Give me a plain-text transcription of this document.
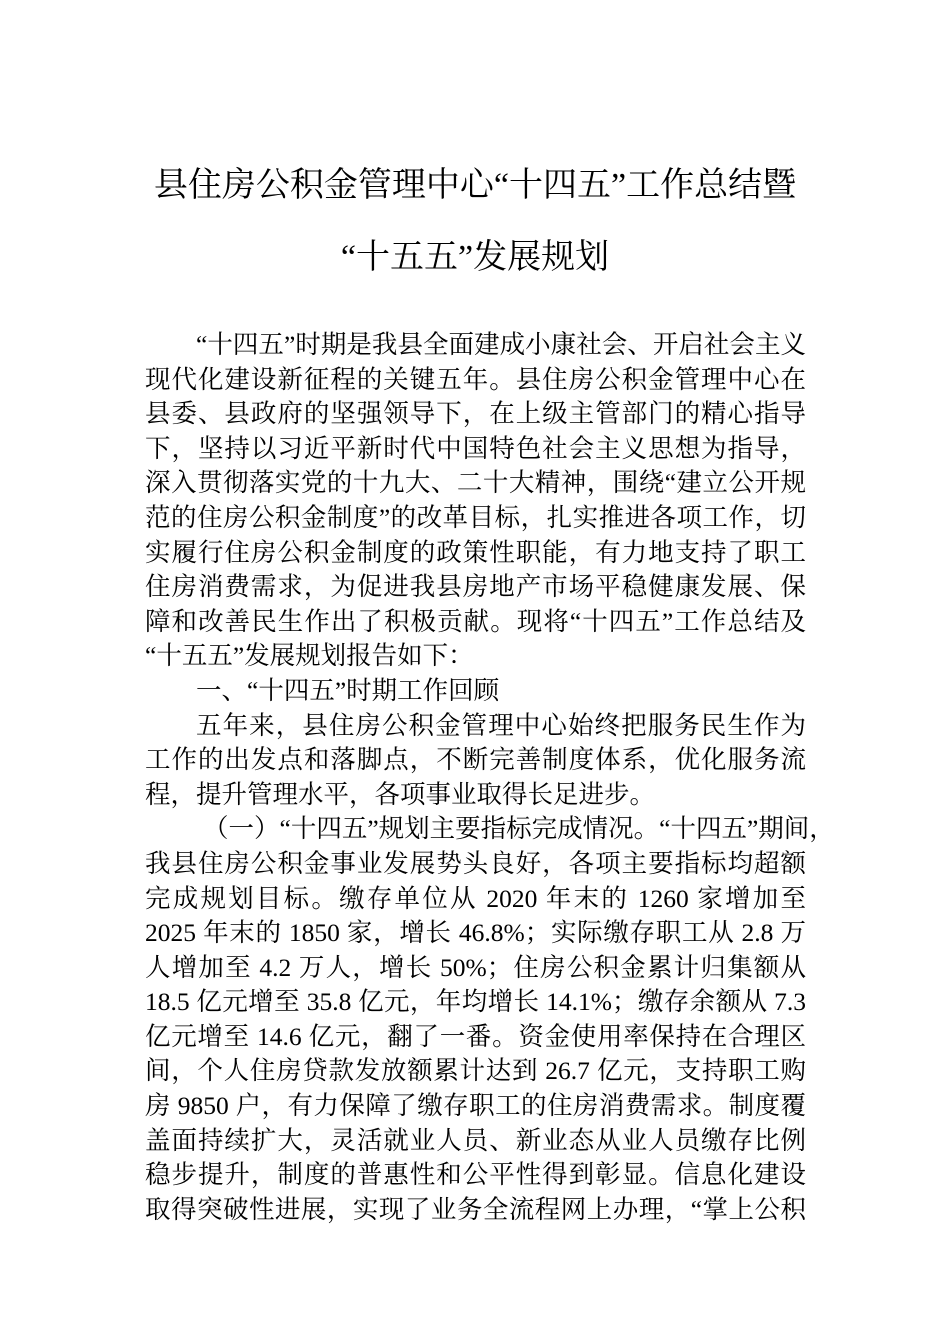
县住房公积金管理中心“十四五”工作总结暨
“十五五”发展规划
“十四五”时期是我县全面建成小康社会、开启社会主义
现代化建设新征程的关键五年。县住房公积金管理中心在
县委、县政府的坚强领导下，在上级主管部门的精心指导
下，坚持以习近平新时代中国特色社会主义思想为指导，
深入贯彻落实党的十九大、二十大精神，围绕“建立公开规
范的住房公积金制度”的改革目标，扎实推进各项工作，切
实履行住房公积金制度的政策性职能，有力地支持了职工
住房消费需求，为促进我县房地产市场平稳健康发展、保
障和改善民生作出了积极贡献。现将“十四五”工作总结及
“十五五”发展规划报告如下：
一、“十四五”时期工作回顾
五年来，县住房公积金管理中心始终把服务民生作为
工作的出发点和落脚点，不断完善制度体系，优化服务流
程，提升管理水平，各项事业取得长足进步。
（一）“十四五”规划主要指标完成情况。“十四五”期间，
我县住房公积金事业发展势头良好，各项主要指标均超额
完成规划目标。缴存单位从 2020 年末的 1260 家增加至
2025 年末的 1850 家，增长 46.8%；实际缴存职工从 2.8 万
人增加至 4.2 万人，增长 50%；住房公积金累计归集额从
18.5 亿元增至 35.8 亿元，年均增长 14.1%；缴存余额从 7.3
亿元增至 14.6 亿元，翻了一番。资金使用率保持在合理区
间，个人住房贷款发放额累计达到 26.7 亿元，支持职工购
房 9850 户，有力保障了缴存职工的住房消费需求。制度覆
盖面持续扩大，灵活就业人员、新业态从业人员缴存比例
稳步提升，制度的普惠性和公平性得到彰显。信息化建设
取得突破性进展，实现了业务全流程网上办理，“掌上公积
